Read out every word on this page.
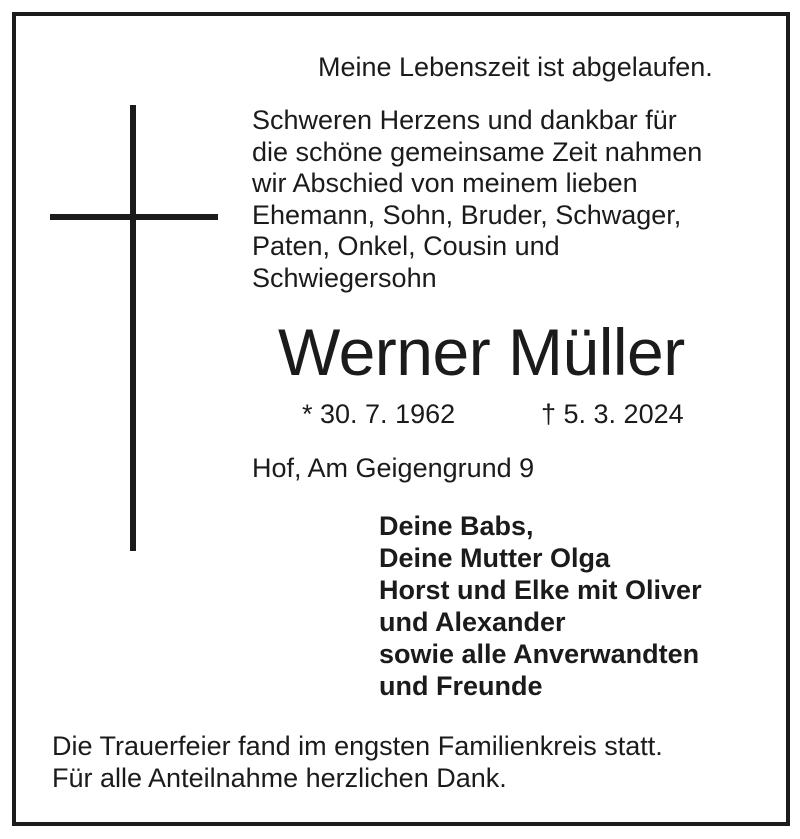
Meine Lebenszeit ist abgelaufen.
Schweren Herzens und dankbar für
die schöne gemeinsame Zeit nahmen
wir Abschied von meinem lieben
Ehemann, Sohn, Bruder, Schwager,
Paten, Onkel, Cousin und
Schwiegersohn
Werner Müller
* 30. 7. 1962	† 5. 3. 2024
Hof, Am Geigengrund 9
Deine Babs,
Deine Mutter Olga
Horst und Elke mit Oliver
und Alexander
sowie alle Anverwandten
und Freunde
Die Trauerfeier fand im engsten Familienkreis statt.
Für alle Anteilnahme herzlichen Dank.
